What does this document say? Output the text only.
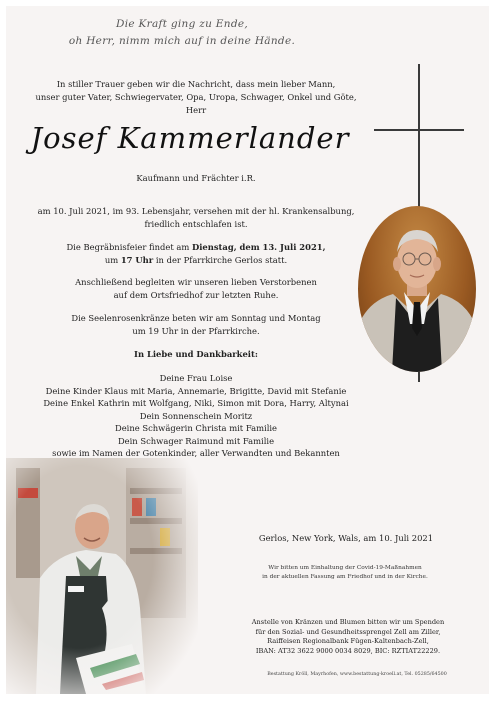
Die Kraft ging zu Ende,
oh Herr, nimm mich auf in deine Hände.
In stiller Trauer geben wir die Nachricht, dass mein lieber Mann,
unser guter Vater, Schwiegervater, Opa, Uropa, Schwager, Onkel und Göte, Herr
Josef Kammerlander
Kaufmann und Frächter i.R.

am 10. Juli 2021, im 93. Lebensjahr, versehen mit der hl. Krankensalbung,

friedlich entschlafen ist.

Die Begräbnisfeier findet am Dienstag, dem 13. Juli 2021,

um 17 Uhr in der Pfarrkirche Gerlos statt.

Anschließend begleiten wir unseren lieben Verstorbenen

auf dem Ortsfriedhof zur letzten Ruhe.

Die Seelenrosenkränze beten wir am Sonntag und Montag

um 19 Uhr in der Pfarrkirche.

In Liebe und Dankbarkeit:

Deine Frau Loise

Deine Kinder Klaus mit Maria, Annemarie, Brigitte, David mit Stefanie

Deine Enkel Kathrin mit Wolfgang, Niki, Simon mit Dora, Harry, Altynai

Dein Sonnenschein Moritz

Deine Schwägerin Christa mit Familie

Dein Schwager Raimund mit Familie

sowie im Namen der Gotenkinder, aller Verwandten und Bekannten

Gerlos, New York, Wals, am 10. Juli 2021
Wir bitten um Einhaltung der Covid-19-Maßnahmen
in der aktuellen Fassung am Friedhof und in der Kirche.
Anstelle von Kränzen und Blumen bitten wir um Spenden
für den Sozial- und Gesundheitssprengel Zell am Ziller,
Raiffeisen Regionalbank Fügen-Kaltenbach-Zell,
IBAN: AT32 3622 9000 0034 8029, BIC: RZTIAT22229.
Bestattung Kröll, Mayrhofen, www.bestattung-kroell.at, Tel. 05285/64500
